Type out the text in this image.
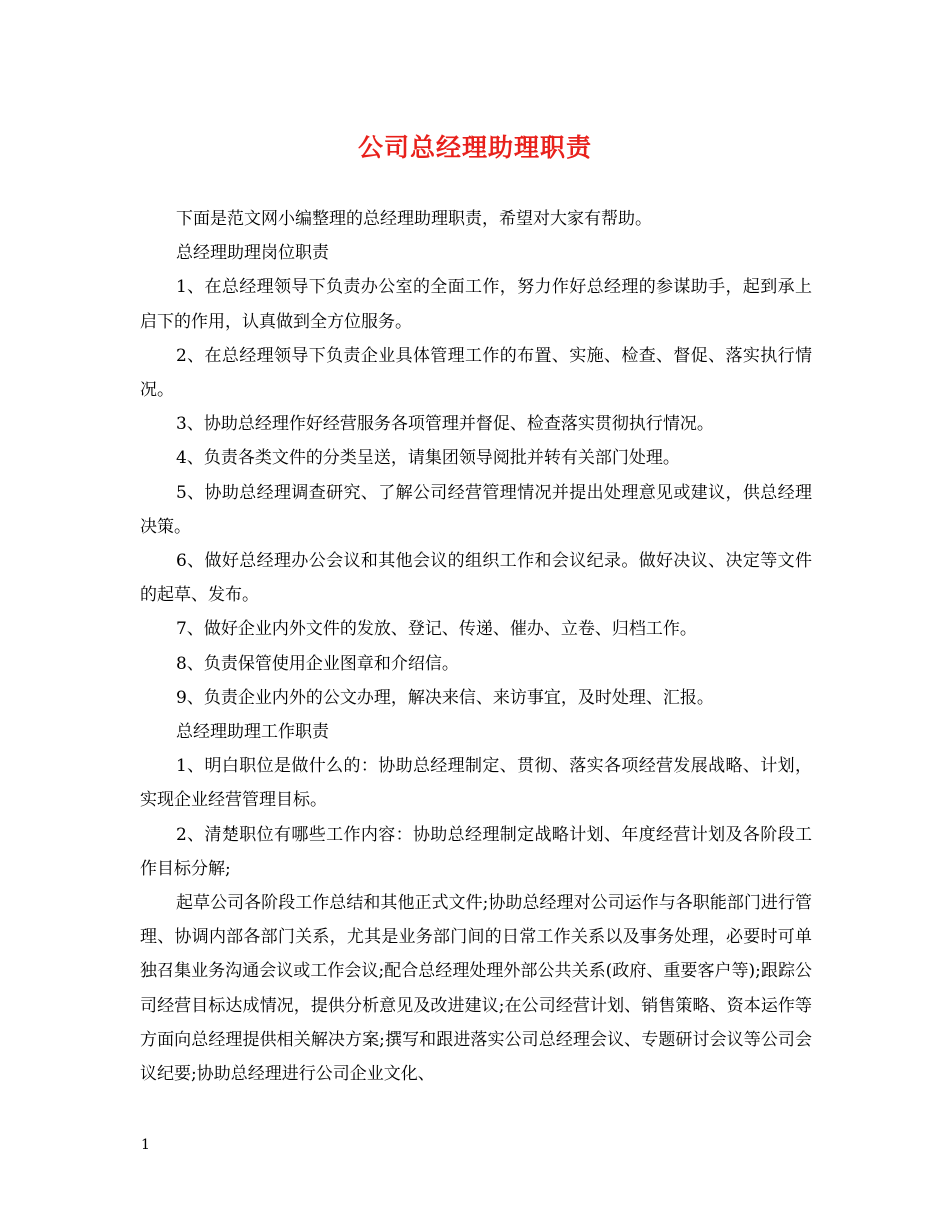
公司总经理助理职责

下面是范文网小编整理的总经理助理职责，希望对大家有帮助。

总经理助理岗位职责

1、在总经理领导下负责办公室的全面工作，努力作好总经理的参谋助手，起到承上启下的作用，认真做到全方位服务。

2、在总经理领导下负责企业具体管理工作的布置、实施、检查、督促、落实执行情况。

3、协助总经理作好经营服务各项管理并督促、检查落实贯彻执行情况。

4、负责各类文件的分类呈送，请集团领导阅批并转有关部门处理。

5、协助总经理调查研究、了解公司经营管理情况并提出处理意见或建议，供总经理决策。

6、做好总经理办公会议和其他会议的组织工作和会议纪录。做好决议、决定等文件的起草、发布。

7、做好企业内外文件的发放、登记、传递、催办、立卷、归档工作。

8、负责保管使用企业图章和介绍信。

9、负责企业内外的公文办理，解决来信、来访事宜，及时处理、汇报。

总经理助理工作职责

1、明白职位是做什么的：协助总经理制定、贯彻、落实各项经营发展战略、计划，实现企业经营管理目标。

2、清楚职位有哪些工作内容：协助总经理制定战略计划、年度经营计划及各阶段工作目标分解;

起草公司各阶段工作总结和其他正式文件;协助总经理对公司运作与各职能部门进行管理、协调内部各部门关系，尤其是业务部门间的日常工作关系以及事务处理，必要时可单独召集业务沟通会议或工作会议;配合总经理处理外部公共关系(政府、重要客户等);跟踪公司经营目标达成情况，提供分析意见及改进建议;在公司经营计划、销售策略、资本运作等方面向总经理提供相关解决方案;撰写和跟进落实公司总经理会议、专题研讨会议等公司会议纪要;协助总经理进行公司企业文化、

1
